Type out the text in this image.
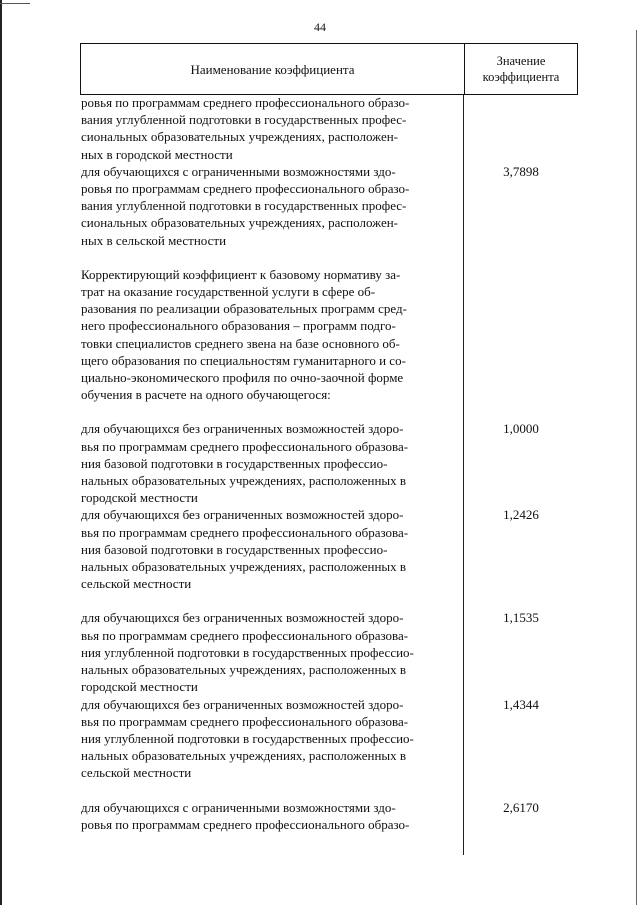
44
Наименование коэффициента
Значение
коэффициента
ровья по программам среднего профессионального образо-
вания углубленной подготовки в государственных профес-
сиональных образовательных учреждениях, расположен-
ных в городской местности
для обучающихся с ограниченными возможностями здо-
ровья по программам среднего профессионального образо-
вания углубленной подготовки в государственных профес-
сиональных образовательных учреждениях, расположен-
ных в сельской местности
3,7898
Корректирующий коэффициент к базовому нормативу за-
трат на оказание государственной услуги в сфере об-
разования по реализации образовательных программ сред-
него профессионального образования – программ подго-
товки специалистов среднего звена на базе основного об-
щего образования по специальностям гуманитарного и со-
циально-экономического профиля по очно-заочной форме
обучения в расчете на одного обучающегося:
для обучающихся без ограниченных возможностей здоро-
вья по программам среднего профессионального образова-
ния базовой подготовки в государственных профессио-
нальных образовательных учреждениях, расположенных в
городской местности
1,0000
для обучающихся без ограниченных возможностей здоро-
вья по программам среднего профессионального образова-
ния базовой подготовки в государственных профессио-
нальных образовательных учреждениях, расположенных в
сельской местности
1,2426
для обучающихся без ограниченных возможностей здоро-
вья по программам среднего профессионального образова-
ния углубленной подготовки в государственных профессио-
нальных образовательных учреждениях, расположенных в
городской местности
1,1535
для обучающихся без ограниченных возможностей здоро-
вья по программам среднего профессионального образова-
ния углубленной подготовки в государственных профессио-
нальных образовательных учреждениях, расположенных в
сельской местности
1,4344
для обучающихся с ограниченными возможностями здо-
ровья по программам среднего профессионального образо-
2,6170
